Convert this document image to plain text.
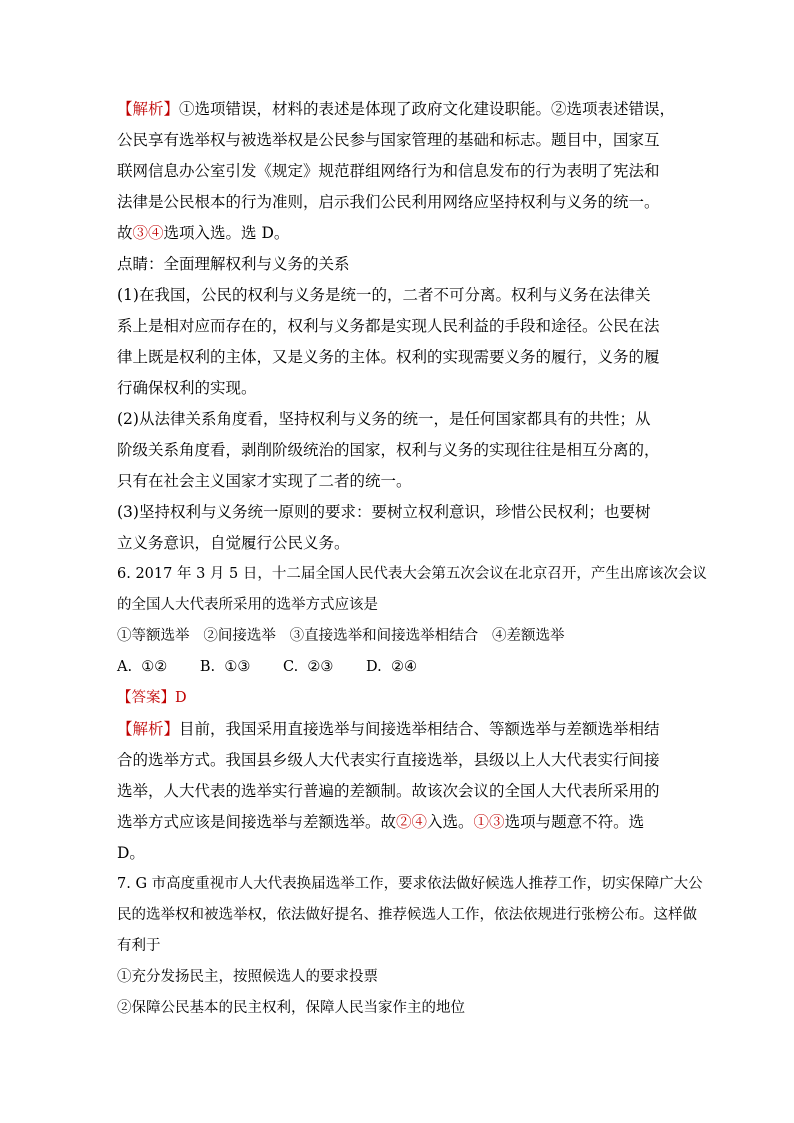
【解析】①选项错误，材料的表述是体现了政府文化建设职能。②选项表述错误，
公民享有选举权与被选举权是公民参与国家管理的基础和标志。题目中，国家互
联网信息办公室引发《规定》规范群组网络行为和信息发布的行为表明了宪法和
法律是公民根本的行为准则，启示我们公民利用网络应坚持权利与义务的统一。
故③④选项入选。选 D。
点睛：全面理解权利与义务的关系
(1)在我国，公民的权利与义务是统一的，二者不可分离。权利与义务在法律关
系上是相对应而存在的，权利与义务都是实现人民利益的手段和途径。公民在法
律上既是权利的主体，又是义务的主体。权利的实现需要义务的履行，义务的履
行确保权利的实现。
(2)从法律关系角度看，坚持权利与义务的统一，是任何国家都具有的共性；从
阶级关系角度看，剥削阶级统治的国家，权利与义务的实现往往是相互分离的，
只有在社会主义国家才实现了二者的统一。
(3)坚持权利与义务统一原则的要求：要树立权利意识，珍惜公民权利；也要树
立义务意识，自觉履行公民义务。
6. 2017 年 3 月 5 日，十二届全国人民代表大会第五次会议在北京召开，产生出席该次会议
的全国人大代表所采用的选举方式应该是
①等额选举   ②间接选举   ③直接选举和间接选举相结合   ④差额选举
A.  ①② B.  ①③ C.  ②③ D.  ②④
【答案】D
【解析】目前，我国采用直接选举与间接选举相结合、等额选举与差额选举相结
合的选举方式。我国县乡级人大代表实行直接选举，县级以上人大代表实行间接
选举，人大代表的选举实行普遍的差额制。故该次会议的全国人大代表所采用的
选举方式应该是间接选举与差额选举。故②④入选。①③选项与题意不符。选
D。
7. G 市高度重视市人大代表换届选举工作，要求依法做好候选人推荐工作，切实保障广大公
民的选举权和被选举权，依法做好提名、推荐候选人工作，依法依规进行张榜公布。这样做
有利于
①充分发扬民主，按照候选人的要求投票
②保障公民基本的民主权利，保障人民当家作主的地位
